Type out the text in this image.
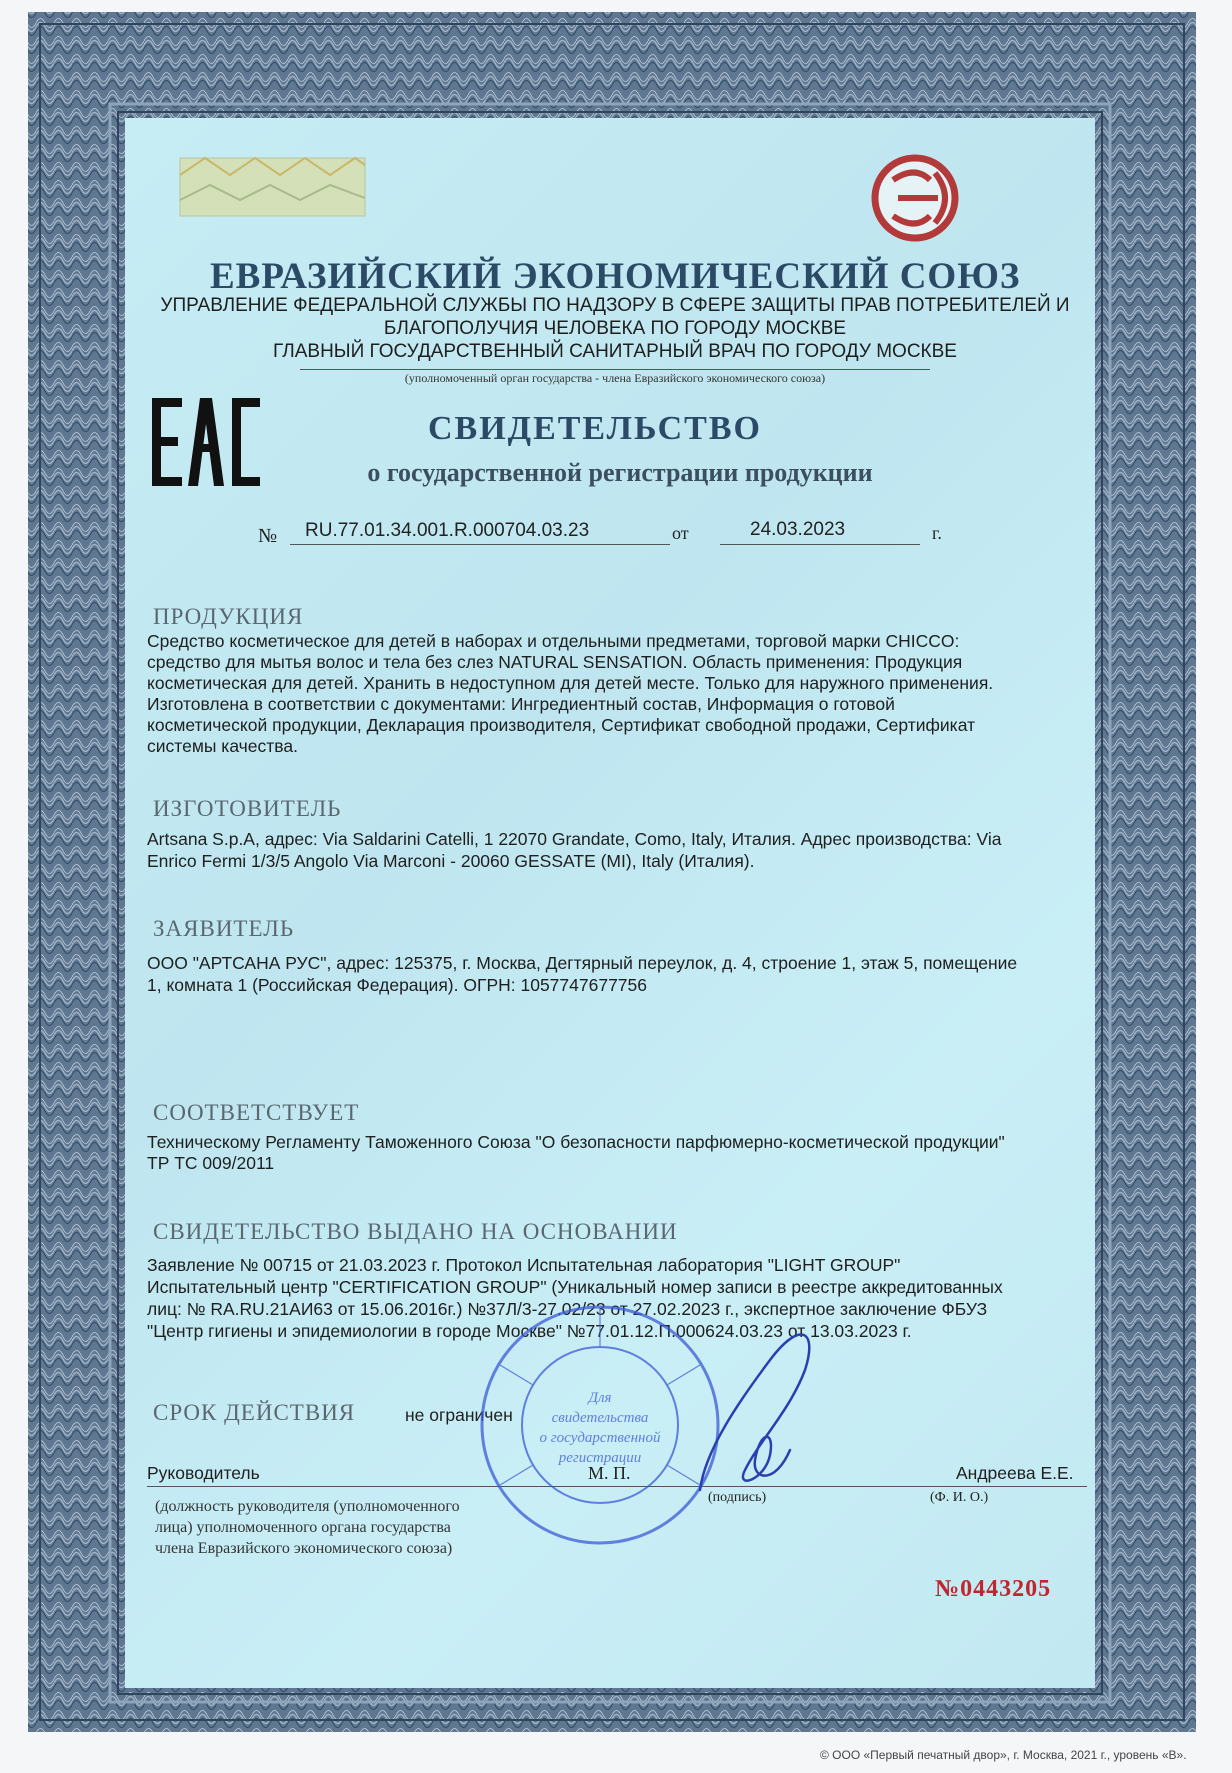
ЕВРАЗИЙСКИЙ ЭКОНОМИЧЕСКИЙ СОЮЗ
УПРАВЛЕНИЕ ФЕДЕРАЛЬНОЙ СЛУЖБЫ ПО НАДЗОРУ В СФЕРЕ ЗАЩИТЫ ПРАВ ПОТРЕБИТЕЛЕЙ И
БЛАГОПОЛУЧИЯ ЧЕЛОВЕКА ПО ГОРОДУ МОСКВЕ
ГЛАВНЫЙ ГОСУДАРСТВЕННЫЙ САНИТАРНЫЙ ВРАЧ ПО ГОРОДУ МОСКВЕ
(уполномоченный орган государства - члена Евразийского экономического союза)
СВИДЕТЕЛЬСТВО
о государственной регистрации продукции
№ RU.77.01.34.001.R.000704.03.23	от	24.03.2023	г.
ПРОДУКЦИЯ
Средство косметическое для детей в наборах и отдельными предметами, торговой марки CHICCO:
средство для мытья волос и тела без слез NATURAL SENSATION. Область применения: Продукция
косметическая для детей. Хранить в недоступном для детей месте. Только для наружного применения.
Изготовлена в соответствии с документами: Ингредиентный состав, Информация о готовой
косметической продукции, Декларация производителя, Сертификат свободной продажи, Сертификат
системы качества.
ИЗГОТОВИТЕЛЬ
Artsana S.p.A, адрес: Via Saldarini Catelli, 1 22070 Grandate, Como, Italy, Италия. Адрес производства: Via
Enrico Fermi 1/3/5 Angolo Via Marconi - 20060 GESSATE (MI), Italy (Италия).
ЗАЯВИТЕЛЬ
ООО "АРТСАНА РУС", адрес: 125375, г. Москва, Дегтярный переулок, д. 4, строение 1, этаж 5, помещение
1, комната 1 (Российская Федерация). ОГРН: 1057747677756
СООТВЕТСТВУЕТ
Техническому Регламенту Таможенного Союза "О безопасности парфюмерно-косметической продукции"
ТР ТС 009/2011
СВИДЕТЕЛЬСТВО ВЫДАНО НА ОСНОВАНИИ
Заявление № 00715 от 21.03.2023 г. Протокол Испытательная лаборатория "LIGHT GROUP"
Испытательный центр "CERTIFICATION GROUP" (Уникальный номер записи в реестре аккредитованных
лиц: № RA.RU.21АИ63 от 15.06.2016г.) №37Л/3-27.02/23 от 27.02.2023 г., экспертное заключение ФБУЗ
"Центр гигиены и эпидемиологии в городе Москве" №77.01.12.П.000624.03.23 от 13.03.2023 г.
СРОК ДЕЙСТВИЯ	не ограничен
Руководитель	М. П.
(подпись)
Андреева Е.Е.
(Ф. И. О.)
(должность руководителя (уполномоченного
лица) уполномоченного органа государства
члена Евразийского экономического союза)
Для
свидетельства
о государственной
регистрации
№0443205
© ООО «Первый печатный двор», г. Москва, 2021 г., уровень «В».
